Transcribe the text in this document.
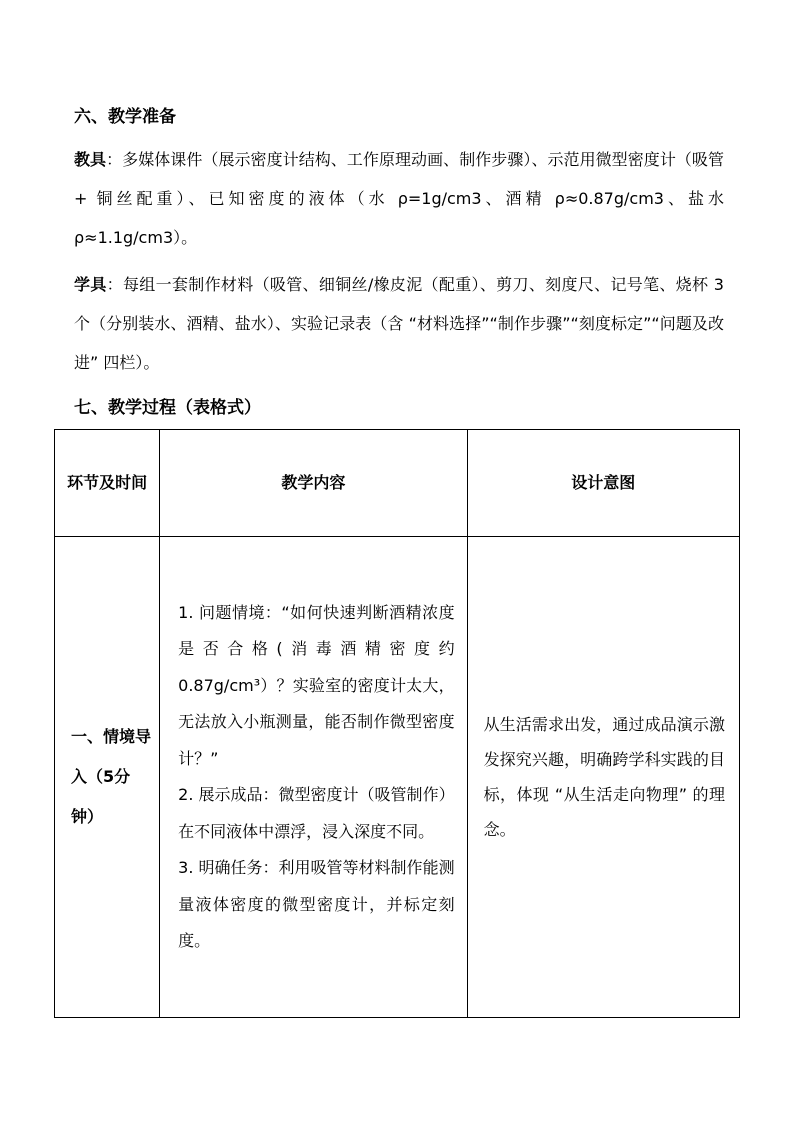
六、教学准备
教具：多媒体课件（展示密度计结构、工作原理动画、制作步骤）、示范用微型密度计（吸管 + 铜丝配重）、已知密度的液体（水 ρ=1g/cm3、酒精 ρ≈0.87g/cm3、盐水 ρ≈1.1g/cm3）。
学具：每组一套制作材料（吸管、细铜丝/橡皮泥（配重）、剪刀、刻度尺、记号笔、烧杯 3 个（分别装水、酒精、盐水）、实验记录表（含 “材料选择”“制作步骤”“刻度标定”“问题及改进” 四栏）。
七、教学过程（表格式）
环节及时间	教学内容	设计意图
一、情境导入（5分钟）	1. 问题情境：“如何快速判断酒精浓度是否合格(消毒酒精密度约 0.87g/cm³）？实验室的密度计太大，无法放入小瓶测量，能否制作微型密度计？”

2. 展示成品：微型密度计（吸管制作）在不同液体中漂浮，浸入深度不同。

3. 明确任务：利用吸管等材料制作能测量液体密度的微型密度计，并标定刻度。	从生活需求出发，通过成品演示激发探究兴趣，明确跨学科实践的目标，体现 “从生活走向物理” 的理念。
